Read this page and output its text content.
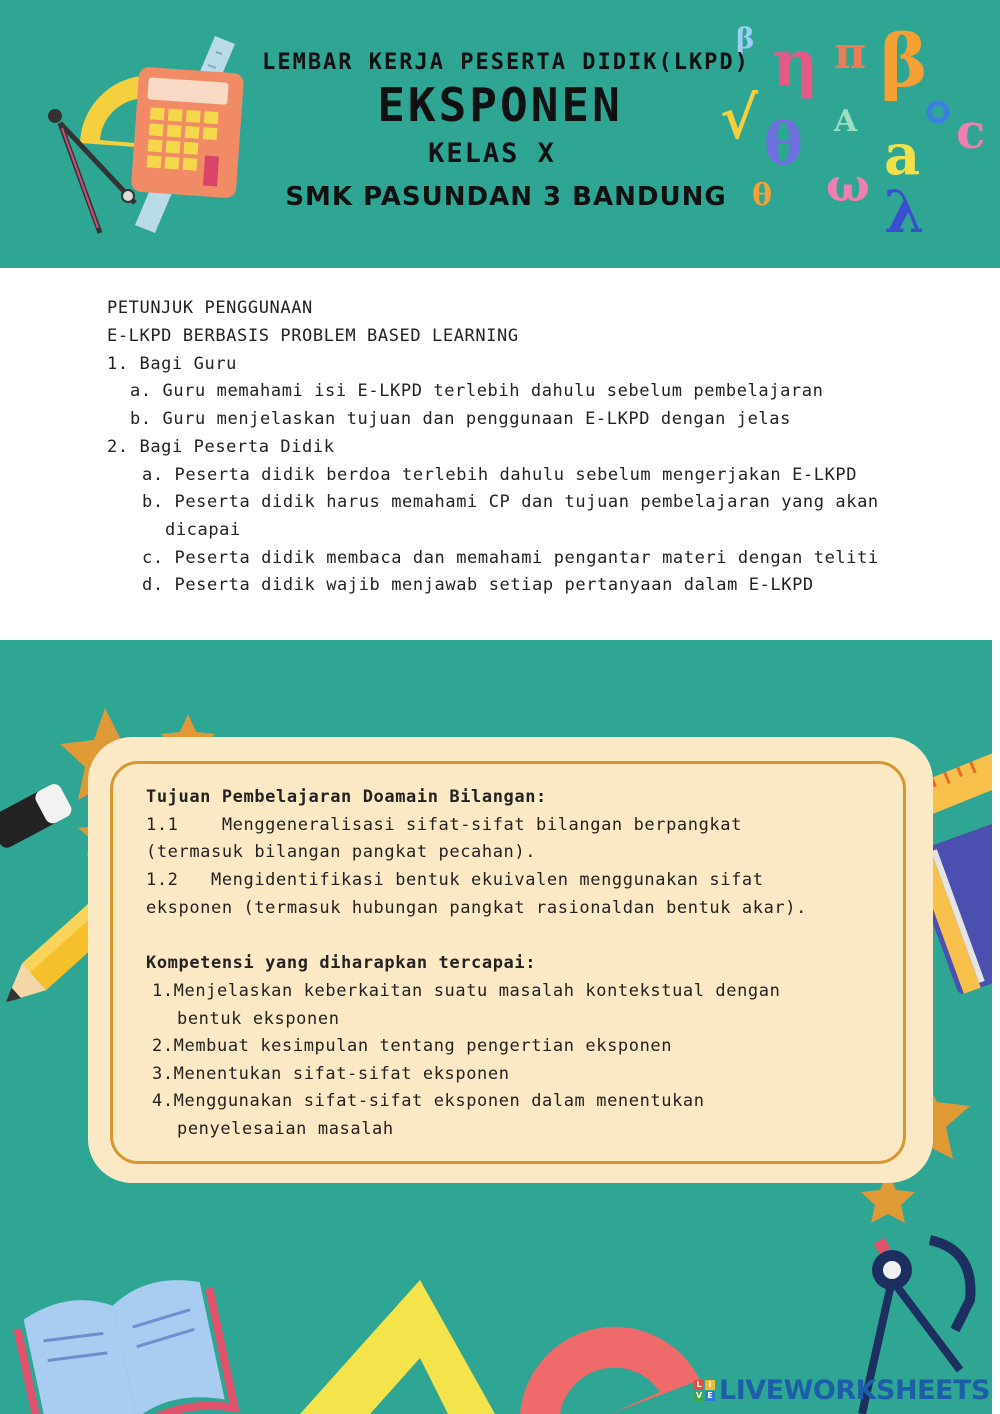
β η π β
√	A
θ a c
ω λ
θ
LEMBAR KERJA PESERTA DIDIK(LKPD)
EKSPONEN
KELAS X
SMK PASUNDAN 3 BANDUNG
PETUNJUK PENGGUNAAN
E-LKPD BERBASIS PROBLEM BASED LEARNING
1. Bagi Guru
a. Guru memahami isi E-LKPD terlebih dahulu sebelum pembelajaran
b. Guru menjelaskan tujuan dan penggunaan E-LKPD dengan jelas
2. Bagi Peserta Didik
a. Peserta didik berdoa terlebih dahulu sebelum mengerjakan E-LKPD
b. Peserta didik harus memahami CP dan tujuan pembelajaran yang akan
dicapai
c. Peserta didik membaca dan memahami pengantar materi dengan teliti
d. Peserta didik wajib menjawab setiap pertanyaan dalam E-LKPD
Tujuan Pembelajaran Doamain Bilangan:
1.1    Menggeneralisasi sifat-sifat bilangan berpangkat
(termasuk bilangan pangkat pecahan).
1.2   Mengidentifikasi bentuk ekuivalen menggunakan sifat
eksponen (termasuk hubungan pangkat rasionaldan bentuk akar).
Kompetensi yang diharapkan tercapai:
1.Menjelaskan keberkaitan suatu masalah kontekstual dengan
bentuk eksponen
2.Membuat kesimpulan tentang pengertian eksponen
3.Menentukan sifat-sifat eksponen
4.Menggunakan sifat-sifat eksponen dalam menentukan
penyelesaian masalah
L I
V E LIVEWORKSHEETS
